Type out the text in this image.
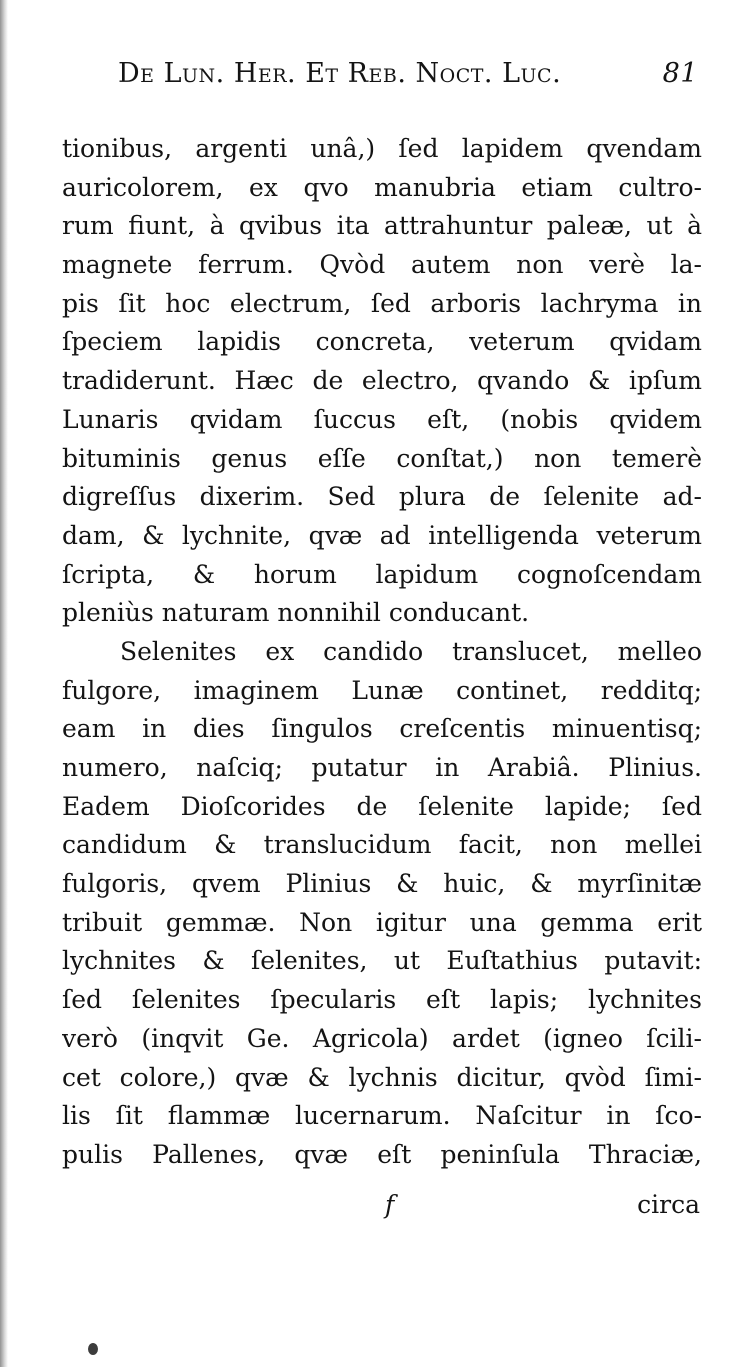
De Lun. Her. Et Reb. Noct. Luc.	81
tionibus, argenti unâ,) ſed lapidem qvendam
auricolorem, ex qvo manubria etiam cultro-
rum fiunt, à qvibus ita attrahuntur paleæ, ut à
magnete ferrum. Qvòd autem non verè la-
pis ſit hoc electrum, ſed arboris lachryma in
ſpeciem lapidis concreta, veterum qvidam
tradiderunt. Hæc de electro, qvando & ipſum
Lunaris qvidam ſuccus eſt, (nobis qvidem
bituminis genus eſſe conſtat,) non temerè
digreſſus dixerim. Sed plura de ſelenite ad-
dam, & lychnite, qvæ ad intelligenda veterum
ſcripta, & horum lapidum cognoſcendam
pleniùs naturam nonnihil conducant.
Selenites ex candido translucet, melleo
fulgore, imaginem Lunæ continet, redditq;
eam in dies ſingulos creſcentis minuentisq;
numero, naſciq; putatur in Arabiâ. Plinius.
Eadem Dioſcorides de ſelenite lapide; ſed
candidum & translucidum facit, non mellei
fulgoris, qvem Plinius & huic, & myrſinitæ
tribuit gemmæ. Non igitur una gemma erit
lychnites & ſelenites, ut Euſtathius putavit:
ſed ſelenites ſpecularis eſt lapis; lychnites
verò (inqvit Ge. Agricola) ardet (igneo ſcili-
cet colore,) qvæ & lychnis dicitur, qvòd ſimi-
lis ſit flammæ lucernarum. Naſcitur in ſco-
pulis Pallenes, qvæ eſt peninſula Thraciæ,
f	circa
